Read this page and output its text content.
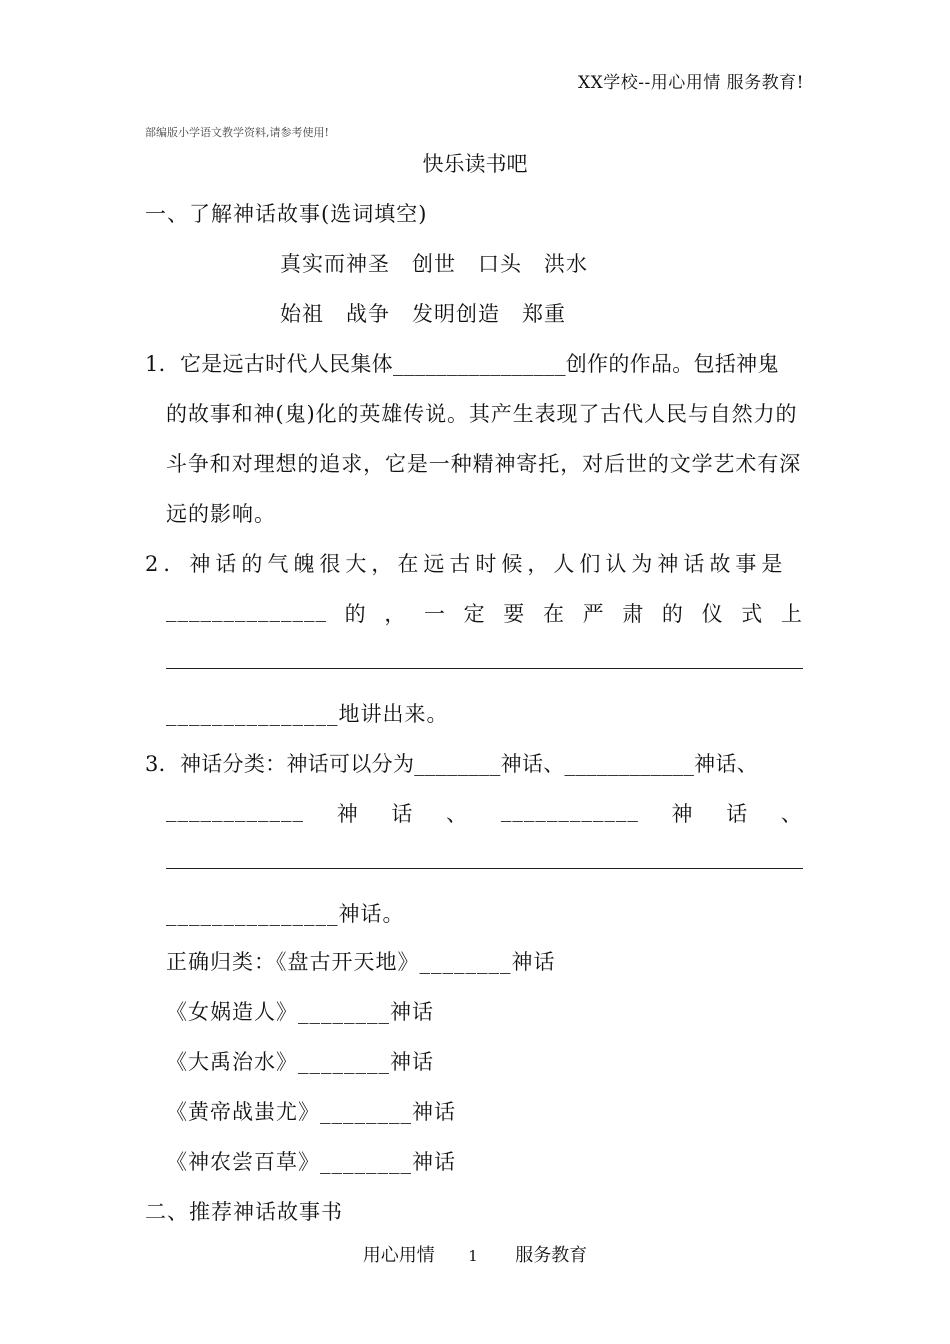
XX学校--用心用情 服务教育!
部编版小学语文教学资料,请参考使用!
快乐读书吧
一、了解神话故事(选词填空)
真实而神圣　创世　口头　洪水
始祖　战争　发明创造　郑重
1．它是远古时代人民集体________________创作的作品。包括神鬼
的故事和神(鬼)化的英雄传说。其产生表现了古代人民与自然力的
斗争和对理想的追求，它是一种精神寄托，对后世的文学艺术有深
远的影响。
2．神话的气魄很大，在远古时候，人们认为神话故事是
______________ 的 ， 一 定 要 在 严 肃 的 仪 式 上
_______________地讲出来。
3．神话分类：神话可以分为________神话、____________神话、
____________ 神 话 、 ____________ 神 话 、
_______________神话。
正确归类：《盘古开天地》________神话
《女娲造人》________神话
《大禹治水》________神话
《黄帝战蚩尤》________神话
《神农尝百草》________神话
二、推荐神话故事书
用心用情 1 服务教育
